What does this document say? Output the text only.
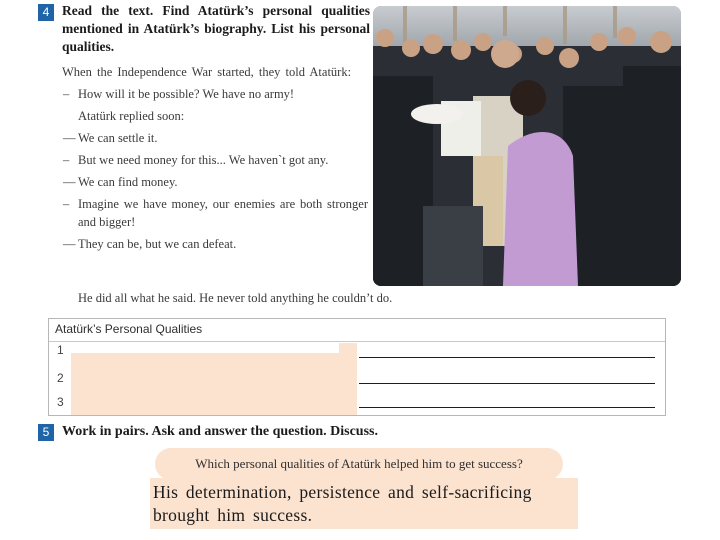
4 Read the text. Find Atatürk’s personal qualities mentioned in Atatürk’s biography. List his personal qualities.

When the Independence War started, they told Atatürk:
– How will it be possible? We have no army!
Atatürk replied soon:
— We can settle it.
– But we need money for this... We haven`t got any.
— We can find money.
– Imagine we have money, our enemies are both stronger and bigger!
— They can be, but we can defeat.
He did all what he said. He never told anything he couldn’t do.
Atatürk’s Personal Qualities
1
2
3
5 Work in pairs. Ask and answer the question. Discuss.
Which personal qualities of Atatürk helped him to get success?
His determination, persistence and self-sacrificing brought him success.
